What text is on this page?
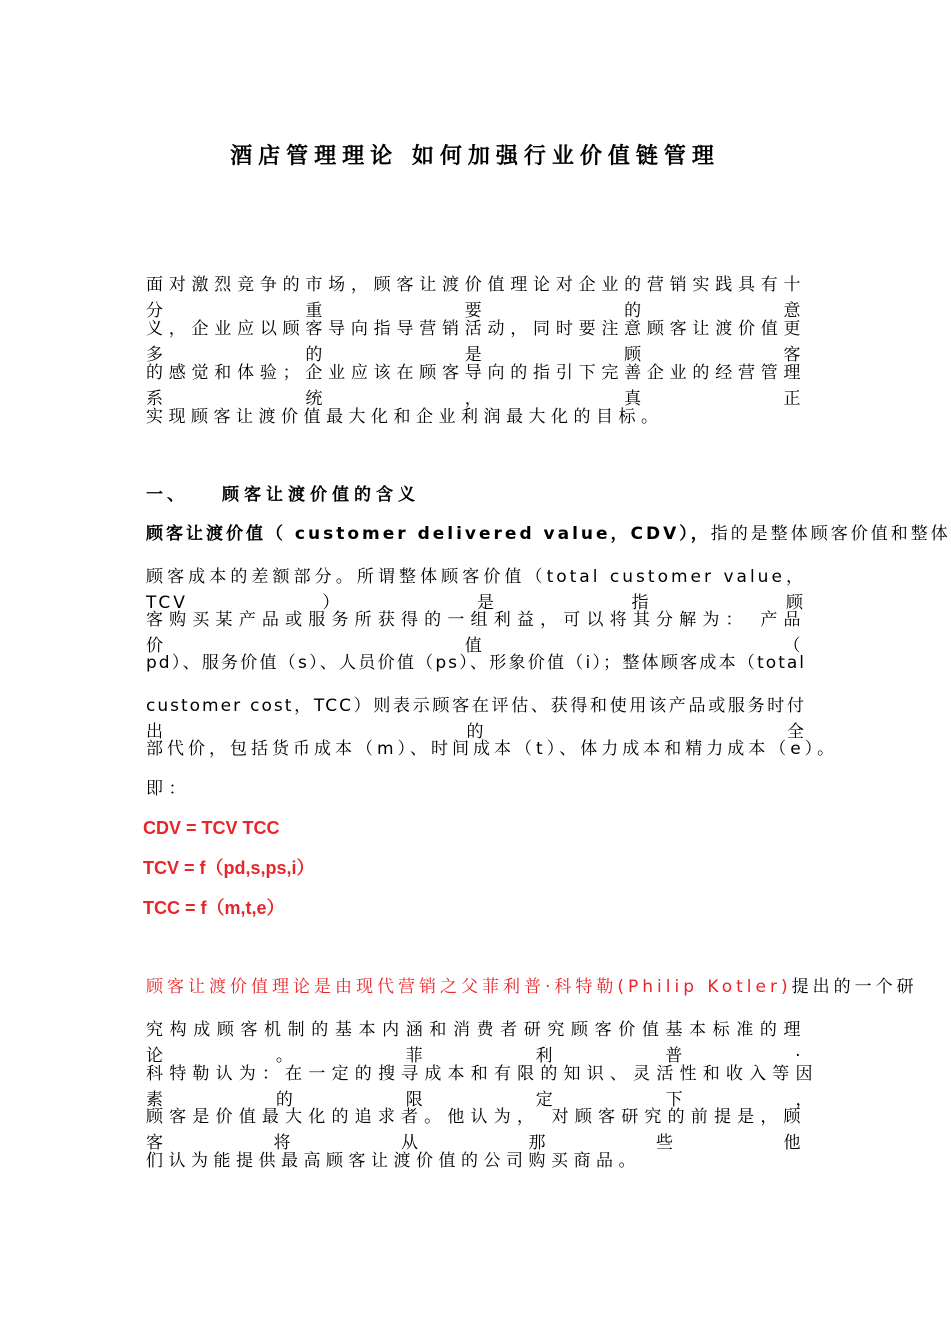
酒店管理理论 如何加强行业价值链管理
面对激烈竞争的市场，顾客让渡价值理论对企业的营销实践具有十分重要的意
义，企业应以顾客导向指导营销活动，同时要注意顾客让渡价值更多的是顾客
的感觉和体验；企业应该在顾客导向的指引下完善企业的经营管理系统，真正
实现顾客让渡价值最大化和企业利润最大化的目标。
一、 顾客让渡价值的含义
顾客让渡价值（ customer delivered value，CDV），指的是整体顾客价值和整体
顾客成本的差额部分。所谓整体顾客价值（total customer value，TCV）是指顾
客购买某产品或服务所获得的一组利益，可以将其分解为： 产品价值（
pd）、服务价值（s）、人员价值（ps）、形象价值（i）；整体顾客成本（total
customer cost，TCC）则表示顾客在评估、获得和使用该产品或服务时付出的全
部代价，包括货币成本（m）、时间成本（t）、体力成本和精力成本（e）。
即：
CDV = TCV TCC
TCV = f（pd,s,ps,i）
TCC = f（m,t,e）
顾客让渡价值理论是由现代营销之父菲利普·科特勒(Philip Kotler)提出的一个研
究构成顾客机制的基本内涵和消费者研究顾客价值基本标准的理论。菲利普·
科特勒认为：在一定的搜寻成本和有限的知识、灵活性和收入等因素的限定下，
顾客是价值最大化的追求者。他认为， 对顾客研究的前提是，顾客将从那些他
们认为能提供最高顾客让渡价值的公司购买商品。
